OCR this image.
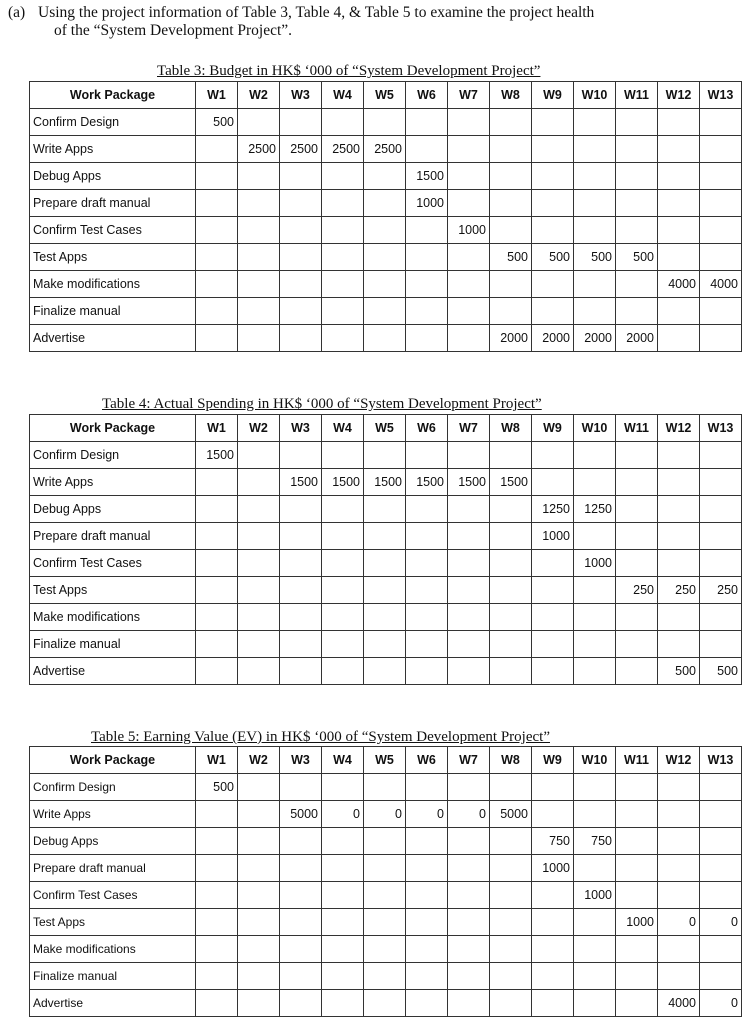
(a) Using the project information of Table 3, Table 4, & Table 5 to examine the project health
of the “System Development Project”.
Table 3: Budget in HK$ ‘000 of “System Development Project”
Work Package	W1	W2	W3	W4	W5	W6	W7	W8	W9	W10	W11	W12	W13
Confirm Design	500												
Write Apps		2500	2500	2500	2500								
Debug Apps						1500							
Prepare draft manual						1000							
Confirm Test Cases							1000						
Test Apps								500	500	500	500		
Make modifications												4000	4000
Finalize manual													
Advertise								2000	2000	2000	2000		
Table 4: Actual Spending in HK$ ‘000 of “System Development Project”
Work Package	W1	W2	W3	W4	W5	W6	W7	W8	W9	W10	W11	W12	W13
Confirm Design	1500												
Write Apps			1500	1500	1500	1500	1500	1500					
Debug Apps									1250	1250			
Prepare draft manual									1000				
Confirm Test Cases										1000			
Test Apps											250	250	250
Make modifications													
Finalize manual													
Advertise												500	500
Table 5: Earning Value (EV) in HK$ ‘000 of “System Development Project”
Work Package	W1	W2	W3	W4	W5	W6	W7	W8	W9	W10	W11	W12	W13
Confirm Design	500												
Write Apps			5000	0	0	0	0	5000					
Debug Apps									750	750			
Prepare draft manual									1000				
Confirm Test Cases										1000			
Test Apps											1000	0	0
Make modifications													
Finalize manual													
Advertise												4000	0
